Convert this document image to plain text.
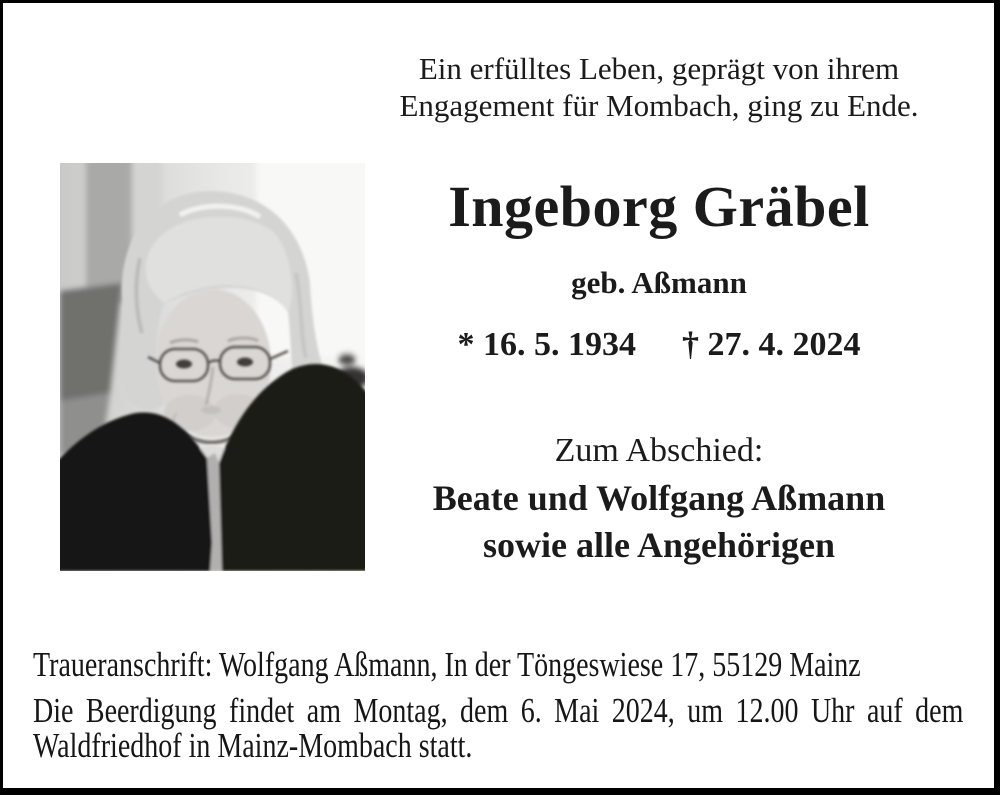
Ein erfülltes Leben, geprägt von ihrem
Engagement für Mombach, ging zu Ende.
Ingeborg Gräbel
geb. Aßmann
* 16. 5. 1934 † 27. 4. 2024
Zum Abschied:
Beate und Wolfgang Aßmann
sowie alle Angehörigen
Traueranschrift: Wolfgang Aßmann, In der Töngeswiese 17, 55129 Mainz
Die Beerdigung findet am Montag, dem 6. Mai 2024, um 12.00 Uhr auf dem
Waldfriedhof in Mainz-Mombach statt.
